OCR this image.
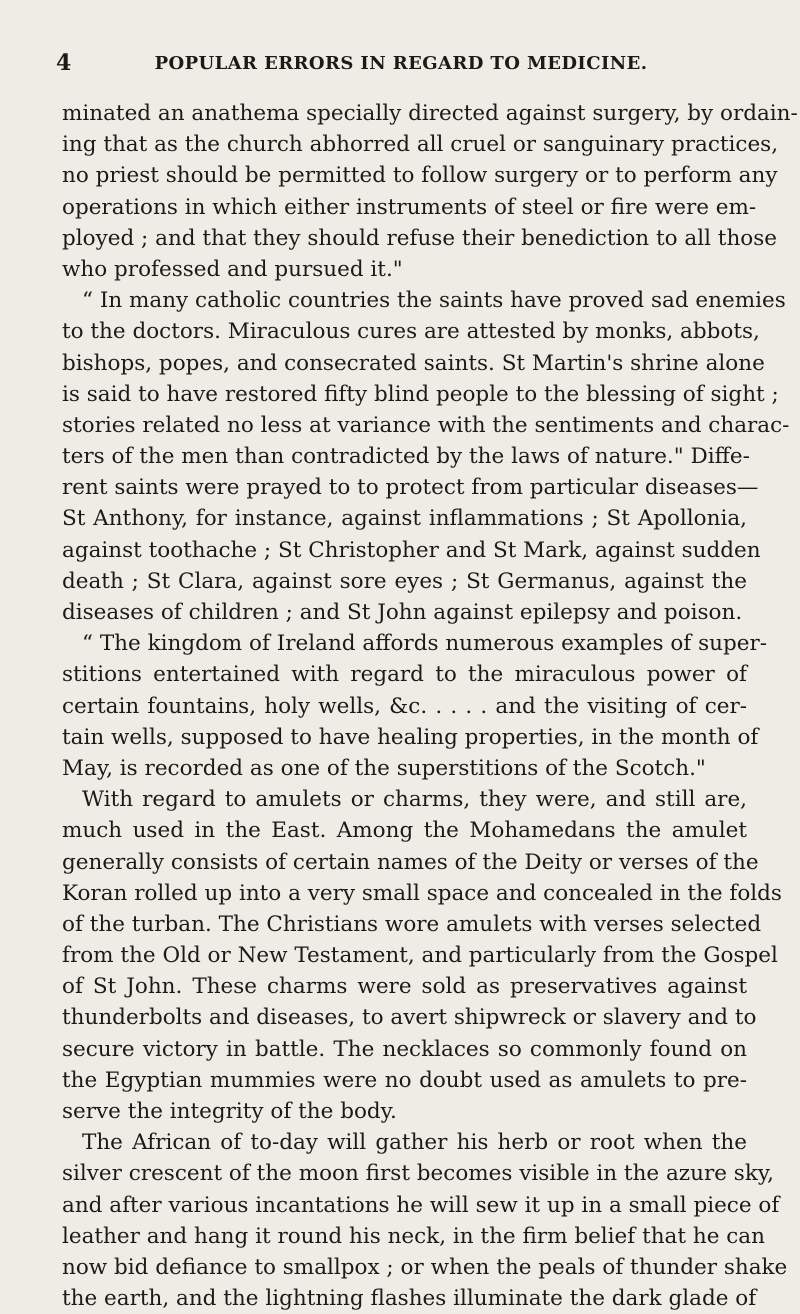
4	POPULAR ERRORS IN REGARD TO MEDICINE.
minated an anathema specially directed against surgery, by ordain-
ing that as the church abhorred all cruel or sanguinary practices,
no priest should be permitted to follow surgery or to perform any
operations in which either instruments of steel or fire were em-
ployed ; and that they should refuse their benediction to all those
who professed and pursued it."
“ In many catholic countries the saints have proved sad enemies
to the doctors. Miraculous cures are attested by monks, abbots,
bishops, popes, and consecrated saints. St Martin's shrine alone
is said to have restored fifty blind people to the blessing of sight ;
stories related no less at variance with the sentiments and charac-
ters of the men than contradicted by the laws of nature." Diffe-
rent saints were prayed to to protect from particular diseases—
St Anthony, for instance, against inflammations ; St Apollonia,
against toothache ; St Christopher and St Mark, against sudden
death ; St Clara, against sore eyes ; St Germanus, against the
diseases of children ; and St John against epilepsy and poison.
“ The kingdom of Ireland affords numerous examples of super-
stitions entertained with regard to the miraculous power of
certain fountains, holy wells, &c. . . . . and the visiting of cer-
tain wells, supposed to have healing properties, in the month of
May, is recorded as one of the superstitions of the Scotch."
With regard to amulets or charms, they were, and still are,
much used in the East. Among the Mohamedans the amulet
generally consists of certain names of the Deity or verses of the
Koran rolled up into a very small space and concealed in the folds
of the turban. The Christians wore amulets with verses selected
from the Old or New Testament, and particularly from the Gospel
of St John. These charms were sold as preservatives against
thunderbolts and diseases, to avert shipwreck or slavery and to
secure victory in battle. The necklaces so commonly found on
the Egyptian mummies were no doubt used as amulets to pre-
serve the integrity of the body.
The African of to-day will gather his herb or root when the
silver crescent of the moon first becomes visible in the azure sky,
and after various incantations he will sew it up in a small piece of
leather and hang it round his neck, in the firm belief that he can
now bid defiance to smallpox ; or when the peals of thunder shake
the earth, and the lightning flashes illuminate the dark glade of
